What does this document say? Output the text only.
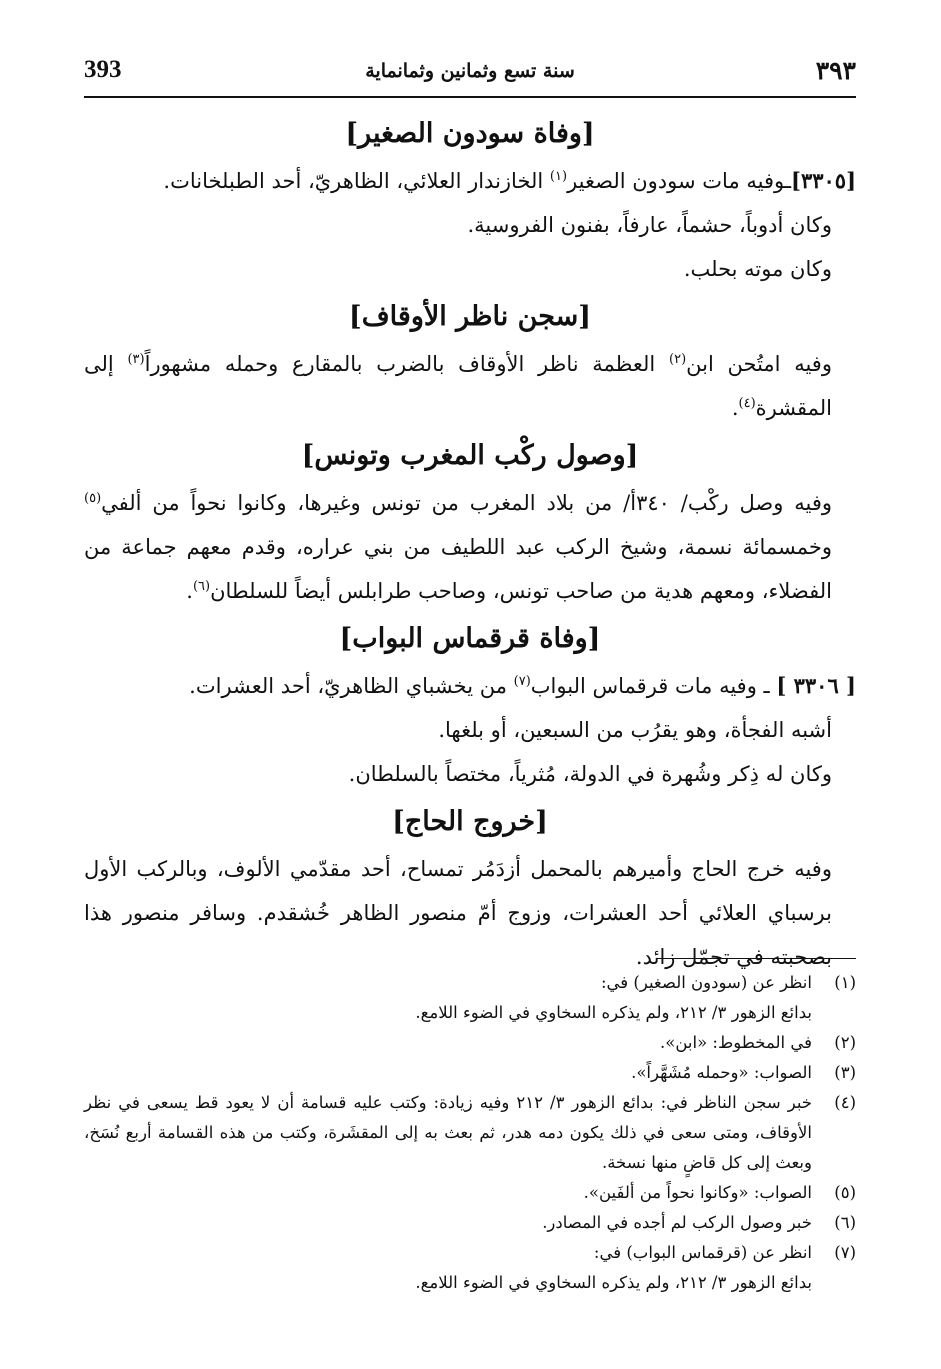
393	سنة تسع وثمانين وثمانماية	٣٩٣
[وفاة سودون الصغير]

[٣٣٠٥]ـوفيه مات سودون الصغير$^{(١)}$ الخازندار العلائي، الظاهريّ، أحد الطبلخانات.

وكان أدوباً، حشماً، عارفاً، بفنون الفروسية.

وكان موته بحلب.

[سجن ناظر الأوقاف]

وفيه امتُحن ابن$^{(٢)}$ العظمة ناظر الأوقاف بالضرب بالمقارع وحمله مشهوراً$^{(٣)}$ إلى المقشرة$^{(٤)}$.

[وصول ركْب المغرب وتونس]

وفيه وصل ركْب/ ٣٤٠أ/ من بلاد المغرب من تونس وغيرها، وكانوا نحواً من ألفي$^{(٥)}$ وخمسمائة نسمة، وشيخ الركب عبد اللطيف من بني عراره، وقدم معهم جماعة من الفضلاء، ومعهم هدية من صاحب تونس، وصاحب طرابلس أيضاً للسلطان$^{(٦)}$.

[وفاة قرقماس البواب]

[ ٣٣٠٦ ] ـ وفيه مات قرقماس البواب$^{(٧)}$ من يخشباي الظاهريّ، أحد العشرات.

أشبه الفجأة، وهو يقرُب من السبعين، أو بلغها.

وكان له ذِكر وشُهرة في الدولة، مُثرياً، مختصاً بالسلطان.

[خروج الحاج]

وفيه خرج الحاج وأميرهم بالمحمل أزدَمُر تمساح، أحد مقدّمي الألوف، وبالركب الأول برسباي العلائي أحد العشرات، وزوج أمّ منصور الظاهر خُشقدم. وسافر منصور هذا بصحبته في تجمّل زائد.

(١)
انظر عن (سودون الصغير) في:
بدائع الزهور ٣/ ٢١٢، ولم يذكره السخاوي في الضوء اللامع.
(٢)
في المخطوط: «ابن».
(٣)
الصواب: «وحمله مُشَهَّراً».
(٤)
خبر سجن الناظر في: بدائع الزهور ٣/ ٢١٢ وفيه زيادة: وكتب عليه قسامة أن لا يعود قط يسعى في نظر الأوقاف، ومتى سعى في ذلك يكون دمه هدر، ثم بعث به إلى المقشَرة، وكتب من هذه القسامة أربع نُسَخ، وبعث إلى كل قاضٍ منها نسخة.
(٥)
الصواب: «وكانوا نحواً من ألفَين».
(٦)
خبر وصول الركب لم أجده في المصادر.
(٧)
انظر عن (قرقماس البواب) في:
بدائع الزهور ٣/ ٢١٢، ولم يذكره السخاوي في الضوء اللامع.
